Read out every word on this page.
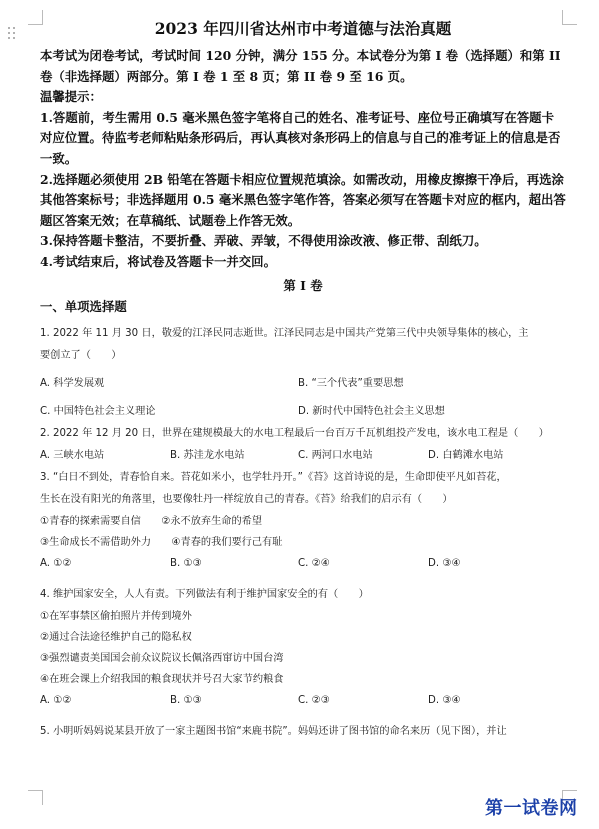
2023 年四川省达州市中考道德与法治真题

本考试为闭卷考试，考试时间 120 分钟，满分 155 分。本试卷分为第 I 卷（选择题）和第 II 卷（非选择题）两部分。第 I 卷 1 至 8 页；第 II 卷 9 至 16 页。

温馨提示：

1.答题前，考生需用 0.5 毫米黑色签字笔将自己的姓名、准考证号、座位号正确填写在答题卡对应位置。待监考老师粘贴条形码后，再认真核对条形码上的信息与自己的准考证上的信息是否一致。

2.选择题必须使用 2B 铅笔在答题卡相应位置规范填涂。如需改动，用橡皮擦擦干净后，再选涂其他答案标号；非选择题用 0.5 毫米黑色签字笔作答，答案必须写在答题卡对应的框内，超出答题区答案无效；在草稿纸、试题卷上作答无效。

3.保持答题卡整洁，不要折叠、弄破、弄皱，不得使用涂改液、修正带、刮纸刀。

4.考试结束后，将试卷及答题卡一并交回。

第 I 卷

一、单项选择题

1. 2022 年 11 月 30 日，敬爱的江泽民同志逝世。江泽民同志是中国共产党第三代中央领导集体的核心，主

要创立了（　　）

A. 科学发展观	B. “三个代表”重要思想
C. 中国特色社会主义理论	D. 新时代中国特色社会主义思想

2. 2022 年 12 月 20 日，世界在建规模最大的水电工程最后一台百万千瓦机组投产发电，该水电工程是（　　）

A. 三峡水电站	B. 苏洼龙水电站	C. 两河口水电站	D. 白鹤滩水电站

3. “白日不到处，青春恰自来。苔花如米小，也学牡丹开。”《苔》这首诗说的是，生命即使平凡如苔花，

生长在没有阳光的角落里，也要像牡丹一样绽放自己的青春。《苔》给我们的启示有（　　）

①青春的探索需要自信　　②永不放弃生命的希望

③生命成长不需借助外力　　④青春的我们要行己有耻

A. ①②	B. ①③	C. ②④	D. ③④

4. 维护国家安全，人人有责。下列做法有利于维护国家安全的有（　　）

①在军事禁区偷拍照片并传到境外

②通过合法途径维护自己的隐私权

③强烈谴责美国国会前众议院议长佩洛西窜访中国台湾

④在班会课上介绍我国的粮食现状并号召大家节约粮食

A. ①②	B. ①③	C. ②③	D. ③④

5. 小明听妈妈说某县开放了一家主题图书馆“来鹿书院”。妈妈还讲了图书馆的命名来历（见下图），并让

第一试卷网
